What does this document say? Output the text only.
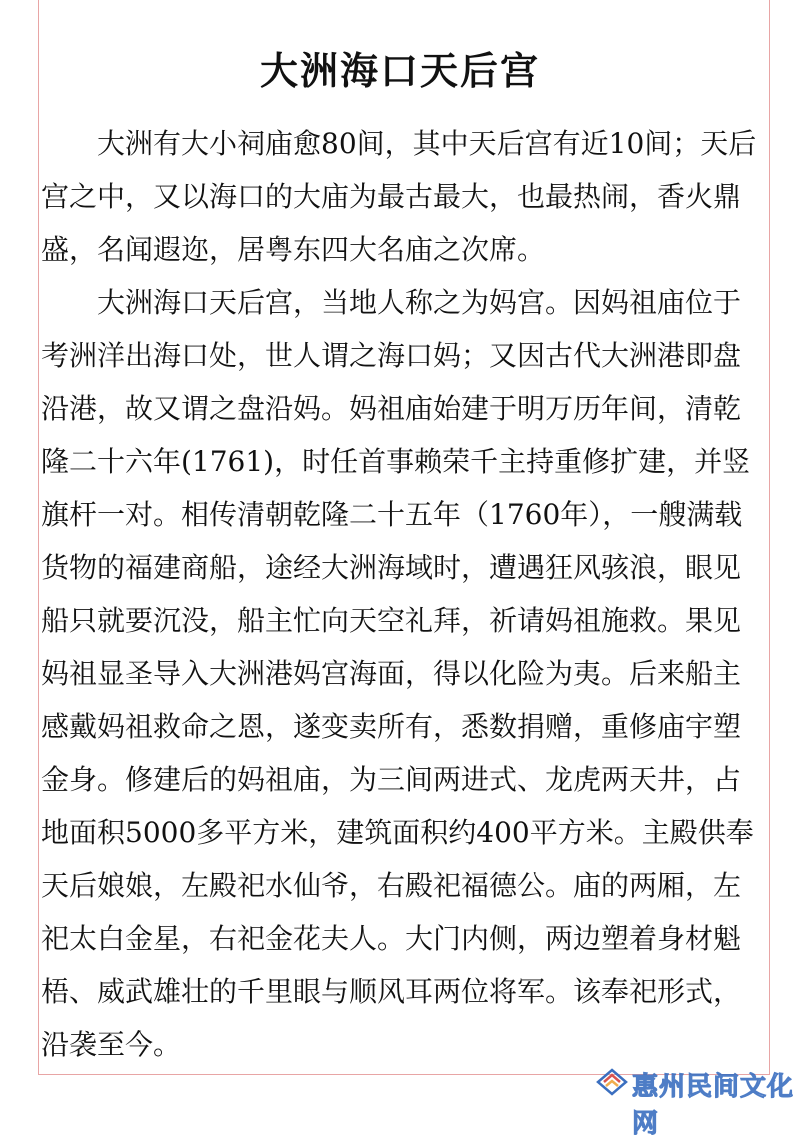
大洲海口天后宫
　　大洲有大小祠庙愈80间，其中天后宫有近10间；天后
宫之中，又以海口的大庙为最古最大，也最热闹，香火鼎
盛，名闻遐迩，居粤东四大名庙之次席。
　　大洲海口天后宫，当地人称之为妈宫。因妈祖庙位于
考洲洋出海口处，世人谓之海口妈；又因古代大洲港即盘
沿港，故又谓之盘沿妈。妈祖庙始建于明万历年间，清乾
隆二十六年(1761)，时任首事赖荣千主持重修扩建，并竖
旗杆一对。相传清朝乾隆二十五年（1760年），一艘满载
货物的福建商船，途经大洲海域时，遭遇狂风骇浪，眼见
船只就要沉没，船主忙向天空礼拜，祈请妈祖施救。果见
妈祖显圣导入大洲港妈宫海面，得以化险为夷。后来船主
感戴妈祖救命之恩，遂变卖所有，悉数捐赠，重修庙宇塑
金身。修建后的妈祖庙，为三间两进式、龙虎两天井，占
地面积5000多平方米，建筑面积约400平方米。主殿供奉
天后娘娘，左殿祀水仙爷，右殿祀福德公。庙的两厢，左
祀太白金星，右祀金花夫人。大门内侧，两边塑着身材魁
梧、威武雄壮的千里眼与顺风耳两位将军。该奉祀形式，
沿袭至今。
惠州民间文化网
